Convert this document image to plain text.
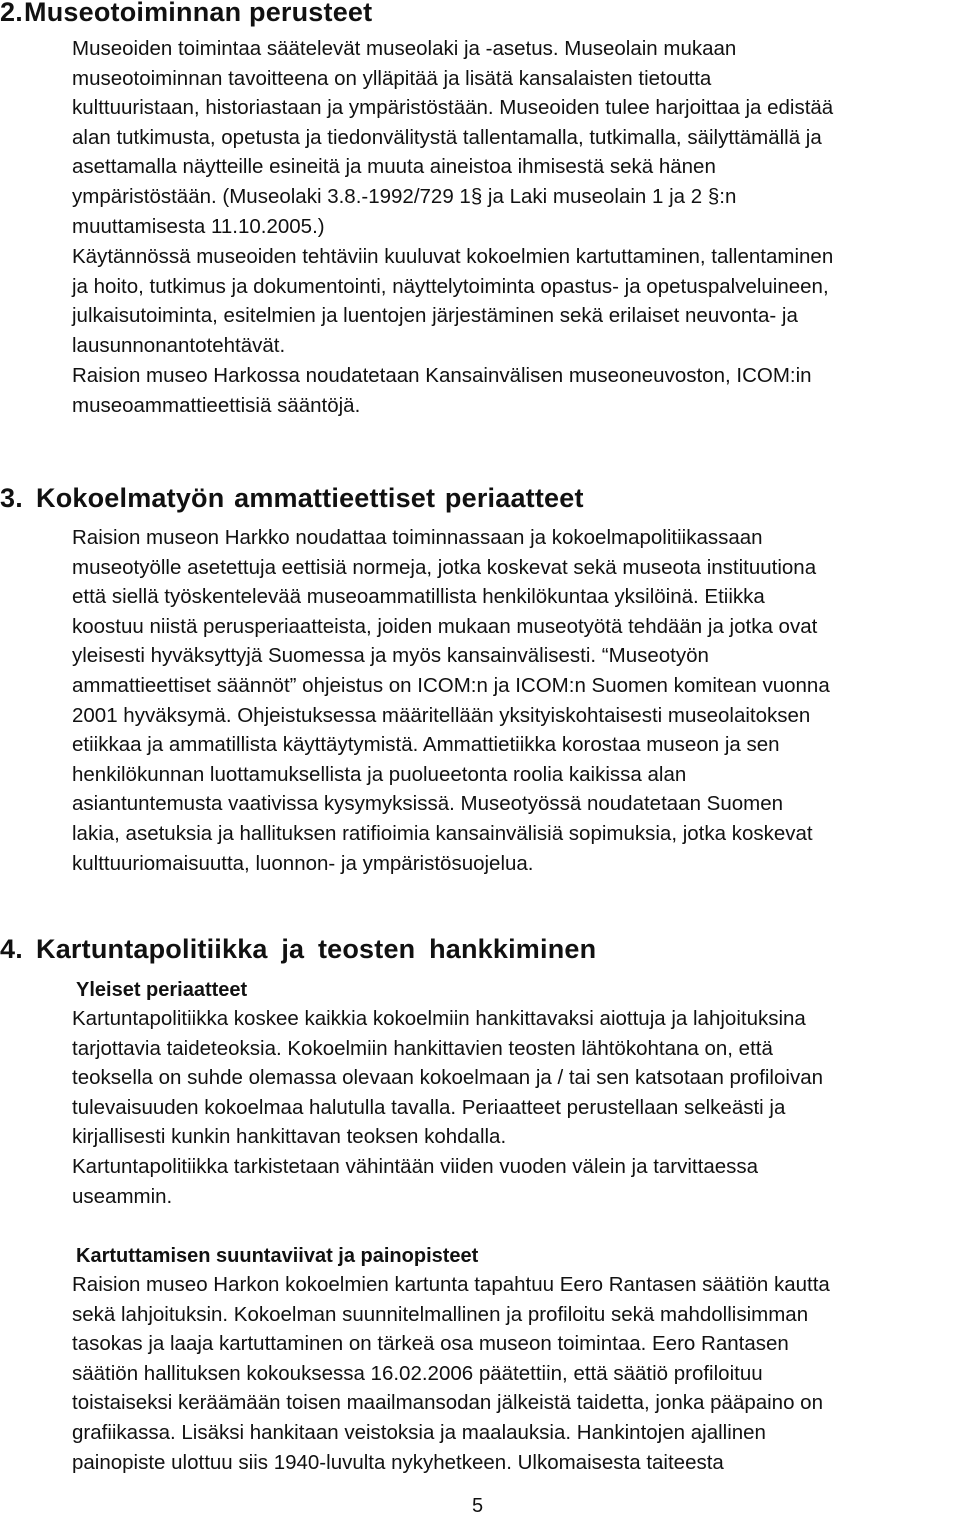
2.Museotoiminnan perusteet

Museoiden toimintaa säätelevät museolaki ja -asetus. Museolain mukaan
museotoiminnan tavoitteena on ylläpitää ja lisätä kansalaisten tietoutta
kulttuuristaan, historiastaan ja ympäristöstään. Museoiden tulee harjoittaa ja edistää
alan tutkimusta, opetusta ja tiedonvälitystä tallentamalla, tutkimalla, säilyttämällä ja
asettamalla näytteille esineitä ja muuta aineistoa ihmisestä sekä hänen
ympäristöstään. (Museolaki 3.8.-1992/729 1§ ja Laki museolain 1 ja 2 §:n
muuttamisesta 11.10.2005.)

Käytännössä museoiden tehtäviin kuuluvat kokoelmien kartuttaminen, tallentaminen
ja hoito, tutkimus ja dokumentointi, näyttelytoiminta opastus- ja opetuspalveluineen,
julkaisutoiminta, esitelmien ja luentojen järjestäminen sekä erilaiset neuvonta- ja
lausunnonantotehtävät.

Raision museo Harkossa noudatetaan Kansainvälisen museoneuvoston, ICOM:in
museoammattieettisiä sääntöjä.

3. Kokoelmatyön ammattieettiset periaatteet

Raision museon Harkko noudattaa toiminnassaan ja kokoelmapolitiikassaan
museotyölle asetettuja eettisiä normeja, jotka koskevat sekä museota instituutiona
että siellä työskentelevää museoammatillista henkilökuntaa yksilöinä. Etiikka
koostuu niistä perusperiaatteista, joiden mukaan museotyötä tehdään ja jotka ovat
yleisesti hyväksyttyjä Suomessa ja myös kansainvälisesti. “Museotyön
ammattieettiset säännöt” ohjeistus on ICOM:n ja ICOM:n Suomen komitean vuonna
2001 hyväksymä. Ohjeistuksessa määritellään yksityiskohtaisesti museolaitoksen
etiikkaa ja ammatillista käyttäytymistä. Ammattietiikka korostaa museon ja sen
henkilökunnan luottamuksellista ja puolueetonta roolia kaikissa alan
asiantuntemusta vaativissa kysymyksissä. Museotyössä noudatetaan Suomen
lakia, asetuksia ja hallituksen ratifioimia kansainvälisiä sopimuksia, jotka koskevat
kulttuuriomaisuutta, luonnon- ja ympäristösuojelua.

4. Kartuntapolitiikka ja teosten hankkiminen
Yleiset periaatteet

Kartuntapolitiikka koskee kaikkia kokoelmiin hankittavaksi aiottuja ja lahjoituksina
tarjottavia taideteoksia. Kokoelmiin hankittavien teosten lähtökohtana on, että
teoksella on suhde olemassa olevaan kokoelmaan ja / tai sen katsotaan profiloivan
tulevaisuuden kokoelmaa halutulla tavalla. Periaatteet perustellaan selkeästi ja
kirjallisesti kunkin hankittavan teoksen kohdalla.

Kartuntapolitiikka tarkistetaan vähintään viiden vuoden välein ja tarvittaessa
useammin.

Kartuttamisen suuntaviivat ja painopisteet

Raision museo Harkon kokoelmien kartunta tapahtuu Eero Rantasen säätiön kautta
sekä lahjoituksin. Kokoelman suunnitelmallinen ja profiloitu sekä mahdollisimman
tasokas ja laaja kartuttaminen on tärkeä osa museon toimintaa. Eero Rantasen
säätiön hallituksen kokouksessa 16.02.2006 päätettiin, että säätiö profiloituu
toistaiseksi keräämään toisen maailmansodan jälkeistä taidetta, jonka pääpaino on
grafiikassa. Lisäksi hankitaan veistoksia ja maalauksia. Hankintojen ajallinen
painopiste ulottuu siis 1940-luvulta nykyhetkeen. Ulkomaisesta taiteesta

5
